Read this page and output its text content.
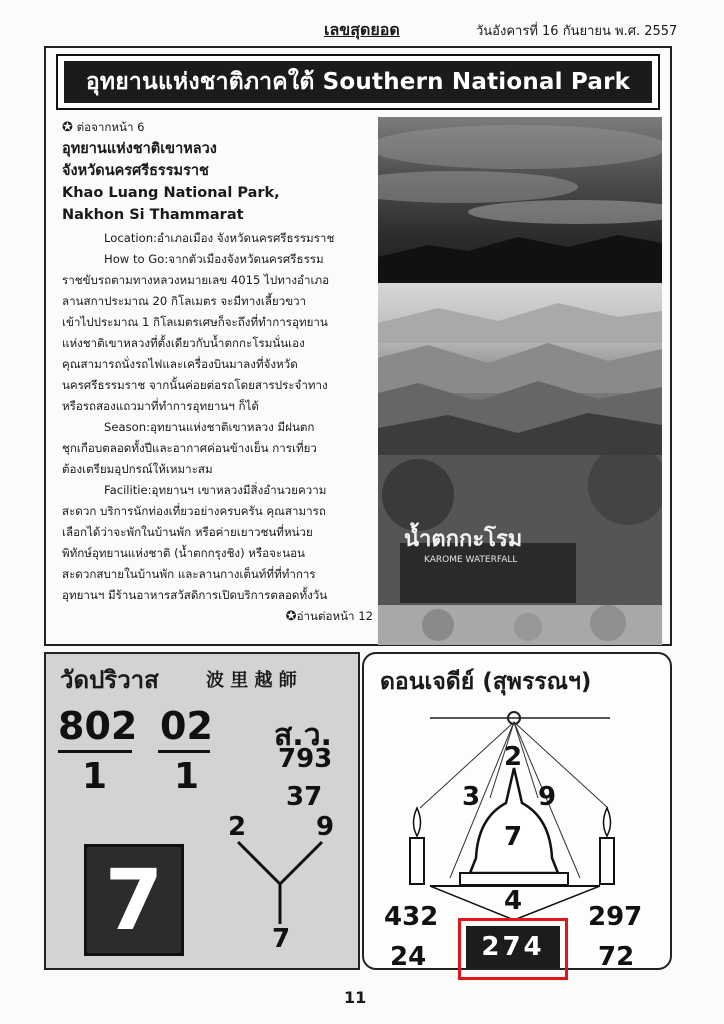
เลขสุดยอด	วันอังคารที่ 16 กันยายน พ.ศ. 2557
อุทยานแห่งชาติภาคใต้ Southern National Park
✪ ต่อจากหน้า 6
อุทยานแห่งชาติเขาหลวง
จังหวัดนครศรีธรรมราช
Khao Luang National Park,
Nakhon Si Thammarat
Location:อำเภอเมือง จังหวัดนครศรีธรรมราช
How to Go:จากตัวเมืองจังหวัดนครศรีธรรม
ราชขับรถตามทางหลวงหมายเลข 4015 ไปทางอำเภอ
ลานสกาประมาณ 20 กิโลเมตร จะมีทางเลี้ยวขวา
เข้าไปประมาณ 1 กิโลเมตรเศษก็จะถึงที่ทำการอุทยาน
แห่งชาติเขาหลวงที่ตั้งเดียวกับน้ำตกกะโรมนั่นเอง
คุณสามารถนั่งรถไฟและเครื่องบินมาลงที่จังหวัด
นครศรีธรรมราช จากนั้นค่อยต่อรถโดยสารประจำทาง
หรือรถสองแถวมาที่ทำการอุทยานฯ ก็ได้
Season:อุทยานแห่งชาติเขาหลวง มีฝนตก
ชุกเกือบตลอดทั้งปีและอากาศค่อนข้างเย็น การเที่ยว
ต้องเตรียมอุปกรณ์ให้เหมาะสม
Facilitie:อุทยานฯ เขาหลวงมีสิ่งอำนวยความ
สะดวก บริการนักท่องเที่ยวอย่างครบครัน คุณสามารถ
เลือกได้ว่าจะพักในบ้านพัก หรือค่ายเยาวชนที่หน่วย
พิทักษ์อุทยานแห่งชาติ (น้ำตกกรุงชิง) หรือจะนอน
สะดวกสบายในบ้านพัก และลานกางเต็นท์ที่ที่ทำการ
อุทยานฯ มีร้านอาหารสวัสดิการเปิดบริการตลอดทั้งวัน
✪อ่านต่อหน้า 12
น้ำตกกะโรม
KAROME WATERFALL
วัดปริวาส	波 里 越 師
802
1
02
1
ส.ว.
793
37
2	9
7
7
ดอนเจดีย์ (สุพรรณฯ)
2
3 9
7
4
432	297
24	72
274
11
